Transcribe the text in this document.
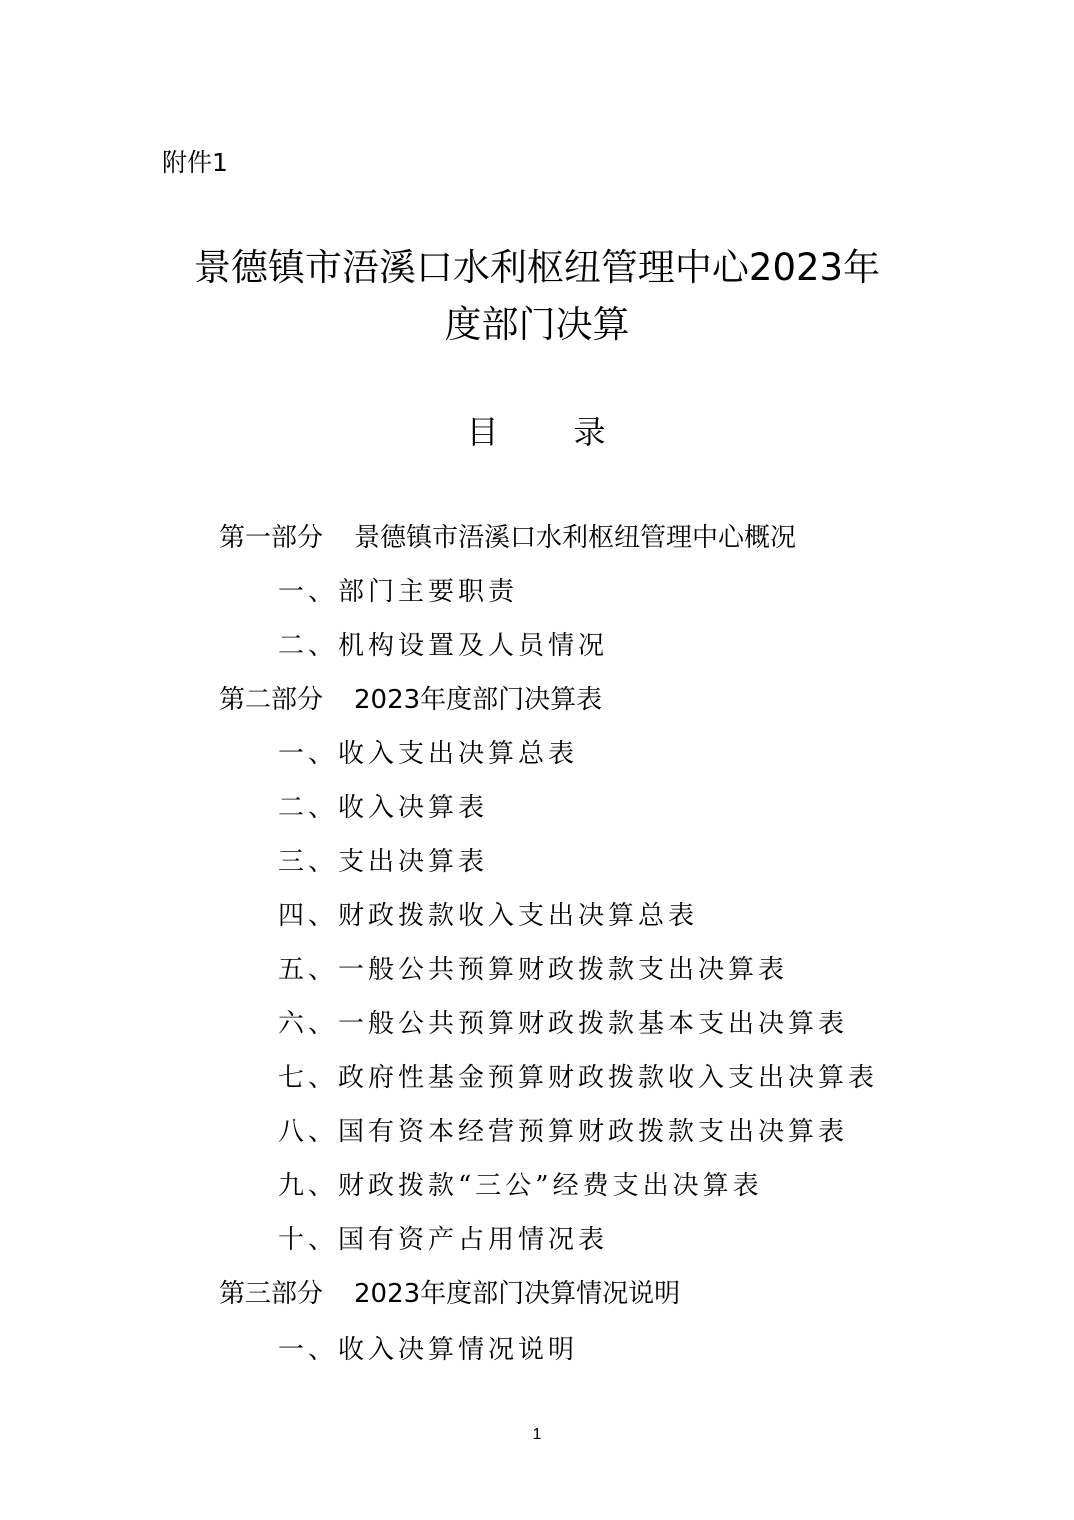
附件1
景德镇市浯溪口水利枢纽管理中心2023年
度部门决算
目      录
第一部分 景德镇市浯溪口水利枢纽管理中心概况
一、部门主要职责
二、机构设置及人员情况
第二部分 2023年度部门决算表
一、收入支出决算总表
二、收入决算表
三、支出决算表
四、财政拨款收入支出决算总表
五、一般公共预算财政拨款支出决算表
六、一般公共预算财政拨款基本支出决算表
七、政府性基金预算财政拨款收入支出决算表
八、国有资本经营预算财政拨款支出决算表
九、财政拨款“三公”经费支出决算表
十、国有资产占用情况表
第三部分 2023年度部门决算情况说明
一、收入决算情况说明
1
